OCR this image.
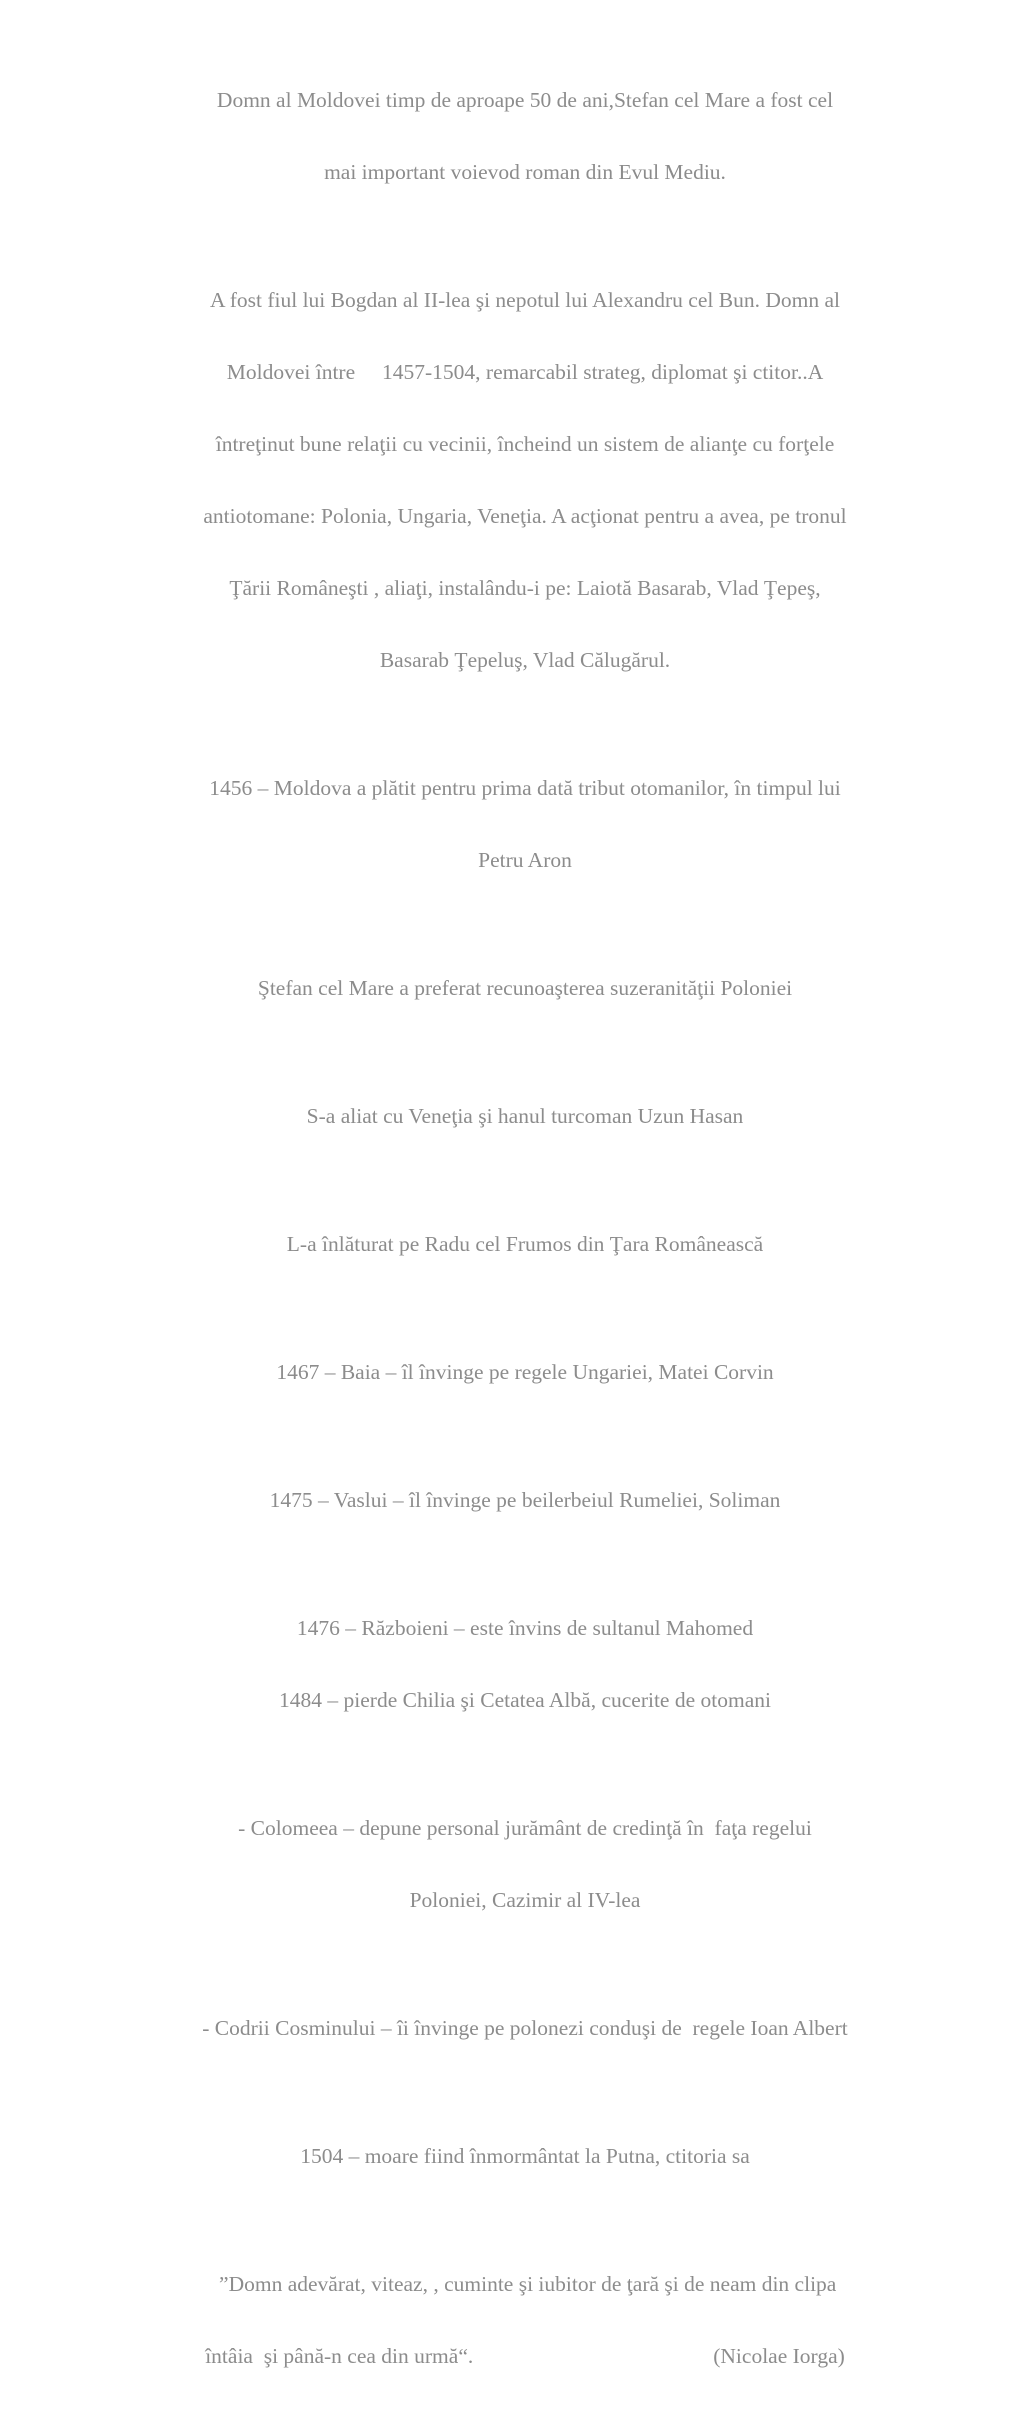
Domn al Moldovei timp de aproape 50 de ani,Stefan cel Mare a fost cel

mai important voievod roman din Evul Mediu.

A fost fiul lui Bogdan al II-lea şi nepotul lui Alexandru cel Bun. Domn al

Moldovei între     1457-1504, remarcabil strateg, diplomat şi ctitor..A

întreţinut bune relaţii cu vecinii, încheind un sistem de alianţe cu forţele

antiotomane: Polonia, Ungaria, Veneţia. A acţionat pentru a avea, pe tronul

Ţării Româneşti , aliaţi, instalându-i pe: Laiotă Basarab, Vlad Ţepeş,

Basarab Ţepeluş, Vlad Călugărul.

1456 – Moldova a plătit pentru prima dată tribut otomanilor, în timpul lui

Petru Aron

Ştefan cel Mare a preferat recunoaşterea suzeranităţii Poloniei

S-a aliat cu Veneţia şi hanul turcoman Uzun Hasan

L-a înlăturat pe Radu cel Frumos din Ţara Românească

1467 – Baia – îl învinge pe regele Ungariei, Matei Corvin

1475 – Vaslui – îl învinge pe beilerbeiul Rumeliei, Soliman

1476 – Războieni – este învins de sultanul Mahomed

1484 – pierde Chilia şi Cetatea Albă, cucerite de otomani

- Colomeea – depune personal jurământ de credinţă în  faţa regelui

Poloniei, Cazimir al IV-lea

- Codrii Cosminului – îi învinge pe polonezi conduşi de  regele Ioan Albert

1504 – moare fiind înmormântat la Putna, ctitoria sa

”Domn adevărat, viteaz, , cuminte şi iubitor de ţară şi de neam din clipa

întâia  şi până-n cea din urmă“.	(Nicolae Iorga)
